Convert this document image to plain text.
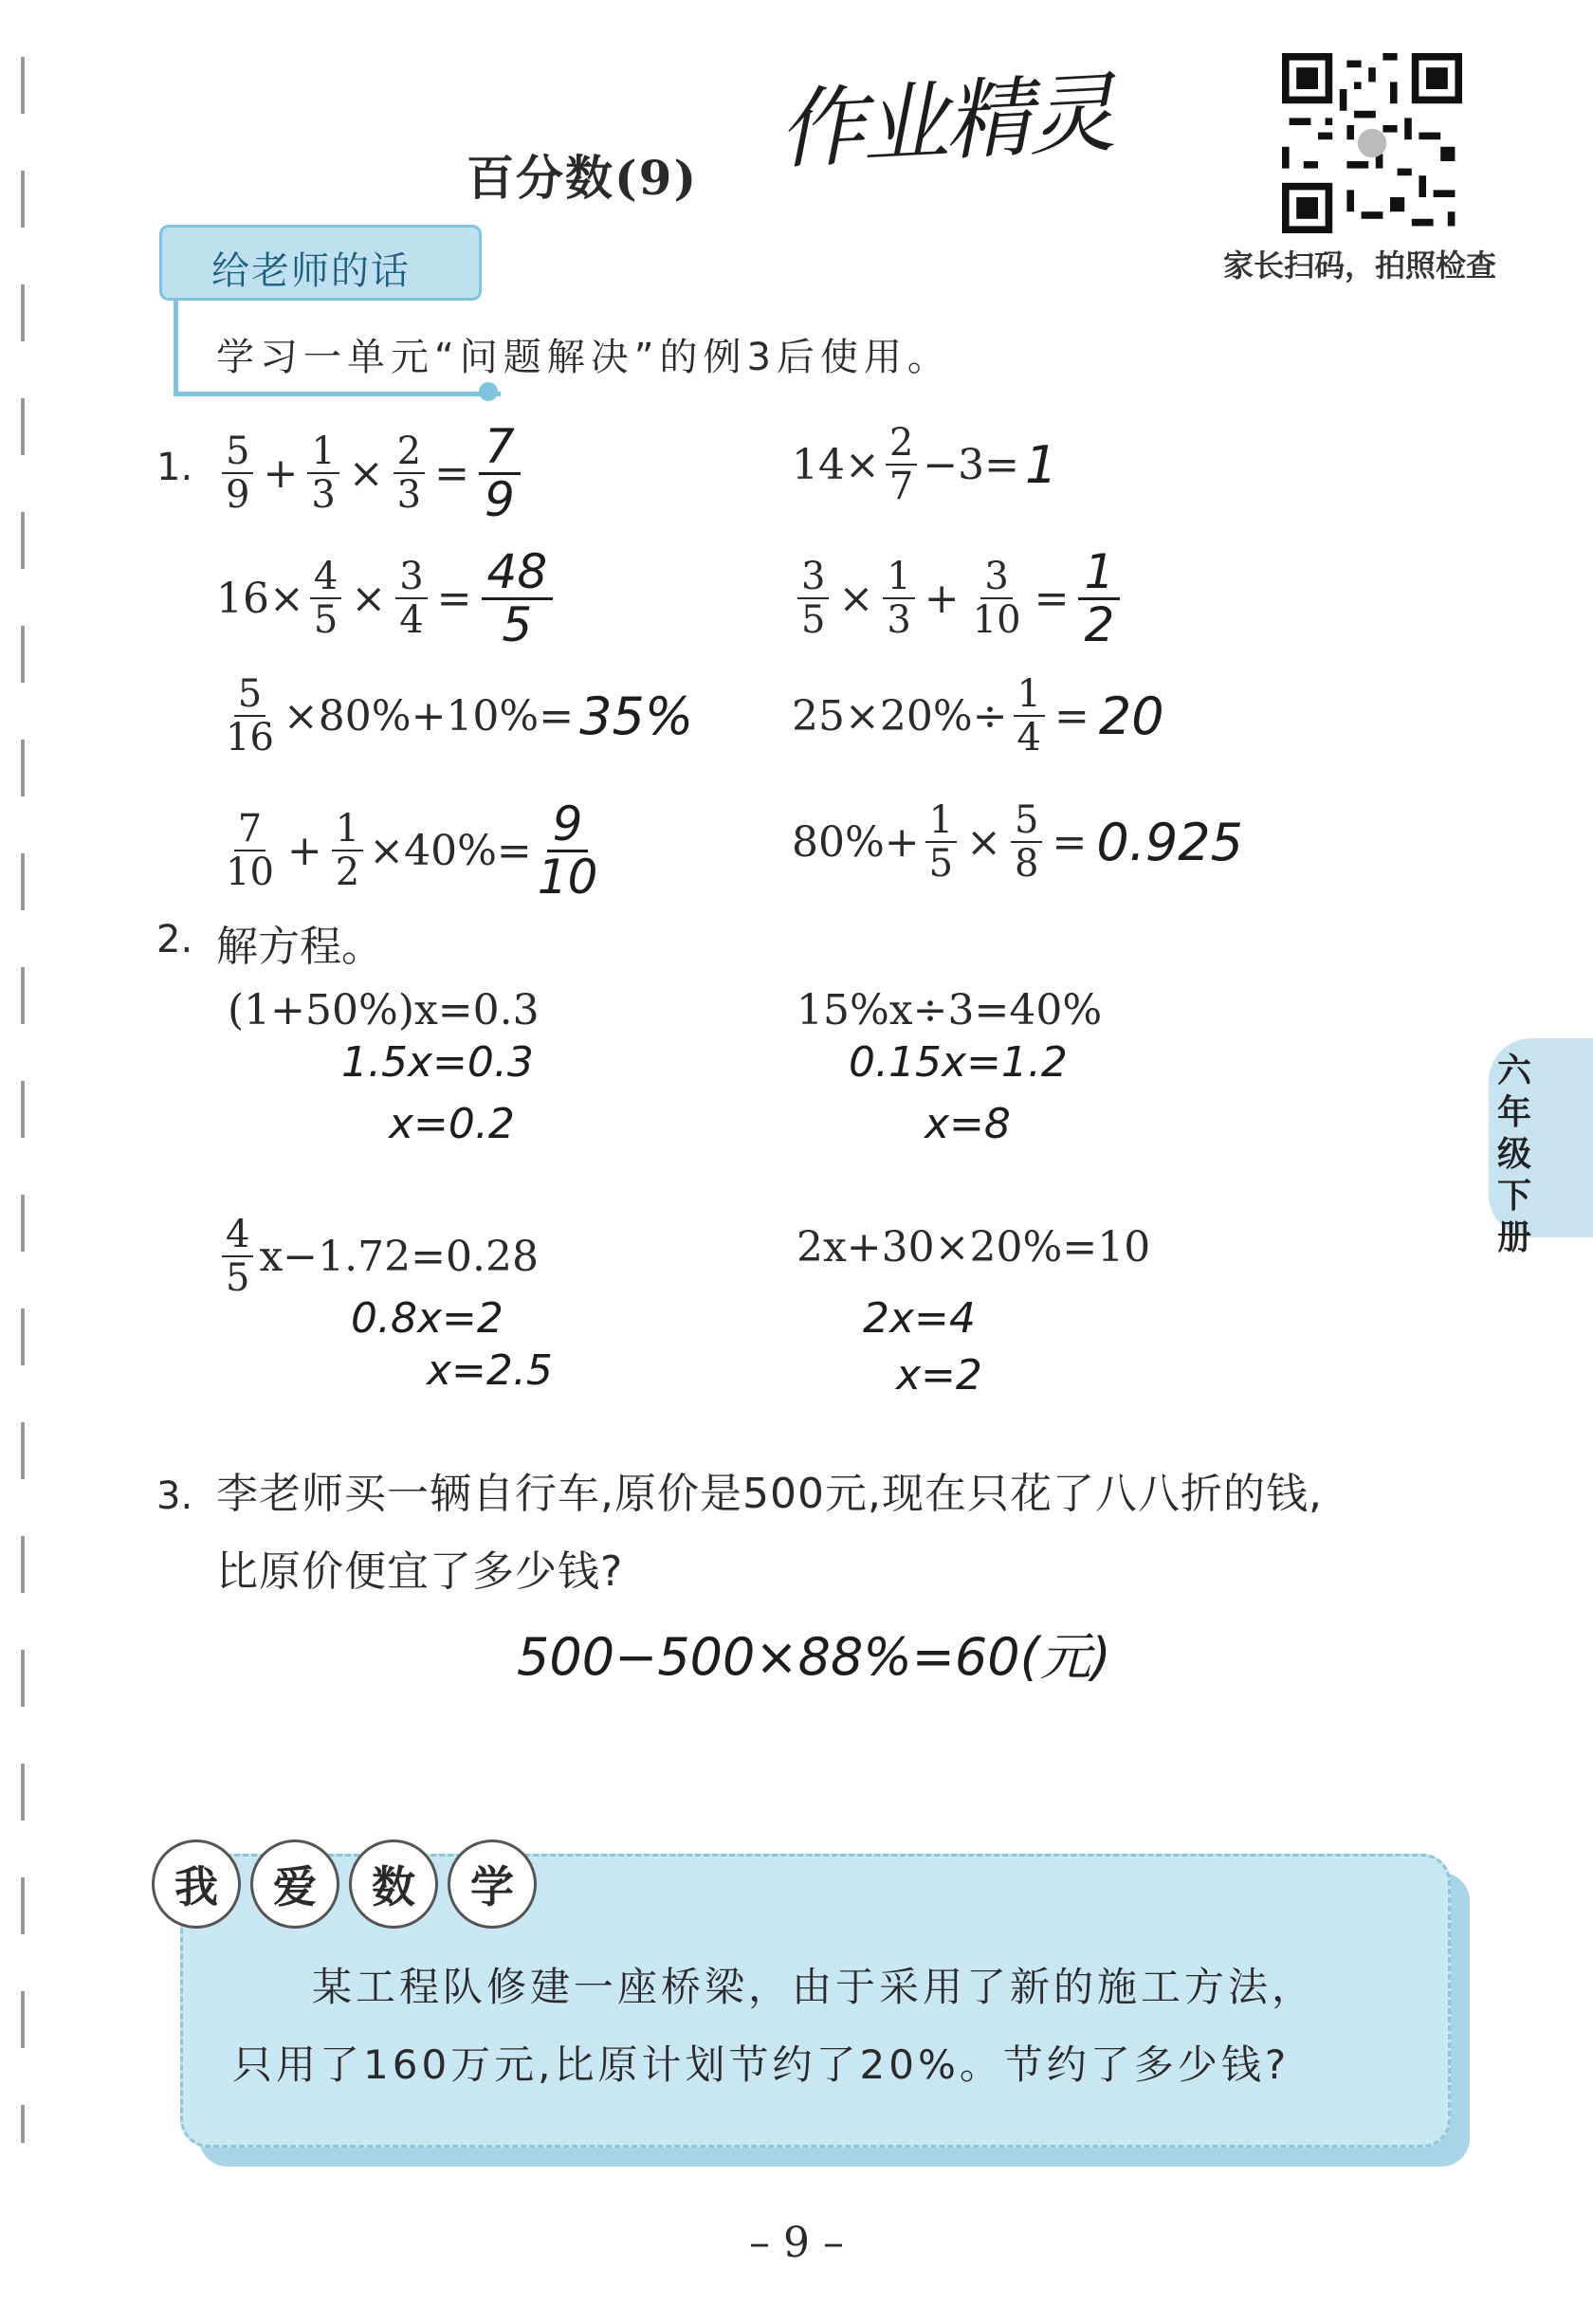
百分数(9) 作业精灵
家长扫码，拍照检查
给老师的话
学习一单元“问题解决”的例3后使用。
1. $\frac{5}{9} + \frac{1}{3} \times \frac{2}{3} = \frac{7}{9}$	$14\times \frac{2}{7} -3= 1$
$16\times \frac{4}{5} \times \frac{3}{4} = \frac{48}{5}$	$\frac{3}{5} \times \frac{1}{3} + \frac{3}{10} = \frac{1}{2}$
$\frac{5}{16} \times 80\%+10\%= 35\%$ $25\times 20\%\div \frac{1}{4} = 20$
$\frac{7}{10} + \frac{1}{2} \times 40\%= \frac{9}{10}$	$80\%+ \frac{1}{5} \times \frac{5}{8} = 0.925$
2. 解方程。
(1+50%)x=0.3
1.5x=0.3
x=0.2
15%x÷3=40%
0.15x=1.2
x=8
$\frac{4}{5} x-1.72=0.28$
0.8x=2
x=2.5
2x+30×20%=10
2x=4
x=2
3. 李老师买一辆自行车,原价是500元,现在只花了八八折的钱,
比原价便宜了多少钱?
500−500×88%=60(元)
六年级下册
我	爱	数	学
某工程队修建一座桥梁，由于采用了新的施工方法，
只用了160万元,比原计划节约了20%。节约了多少钱?
– 9 –
